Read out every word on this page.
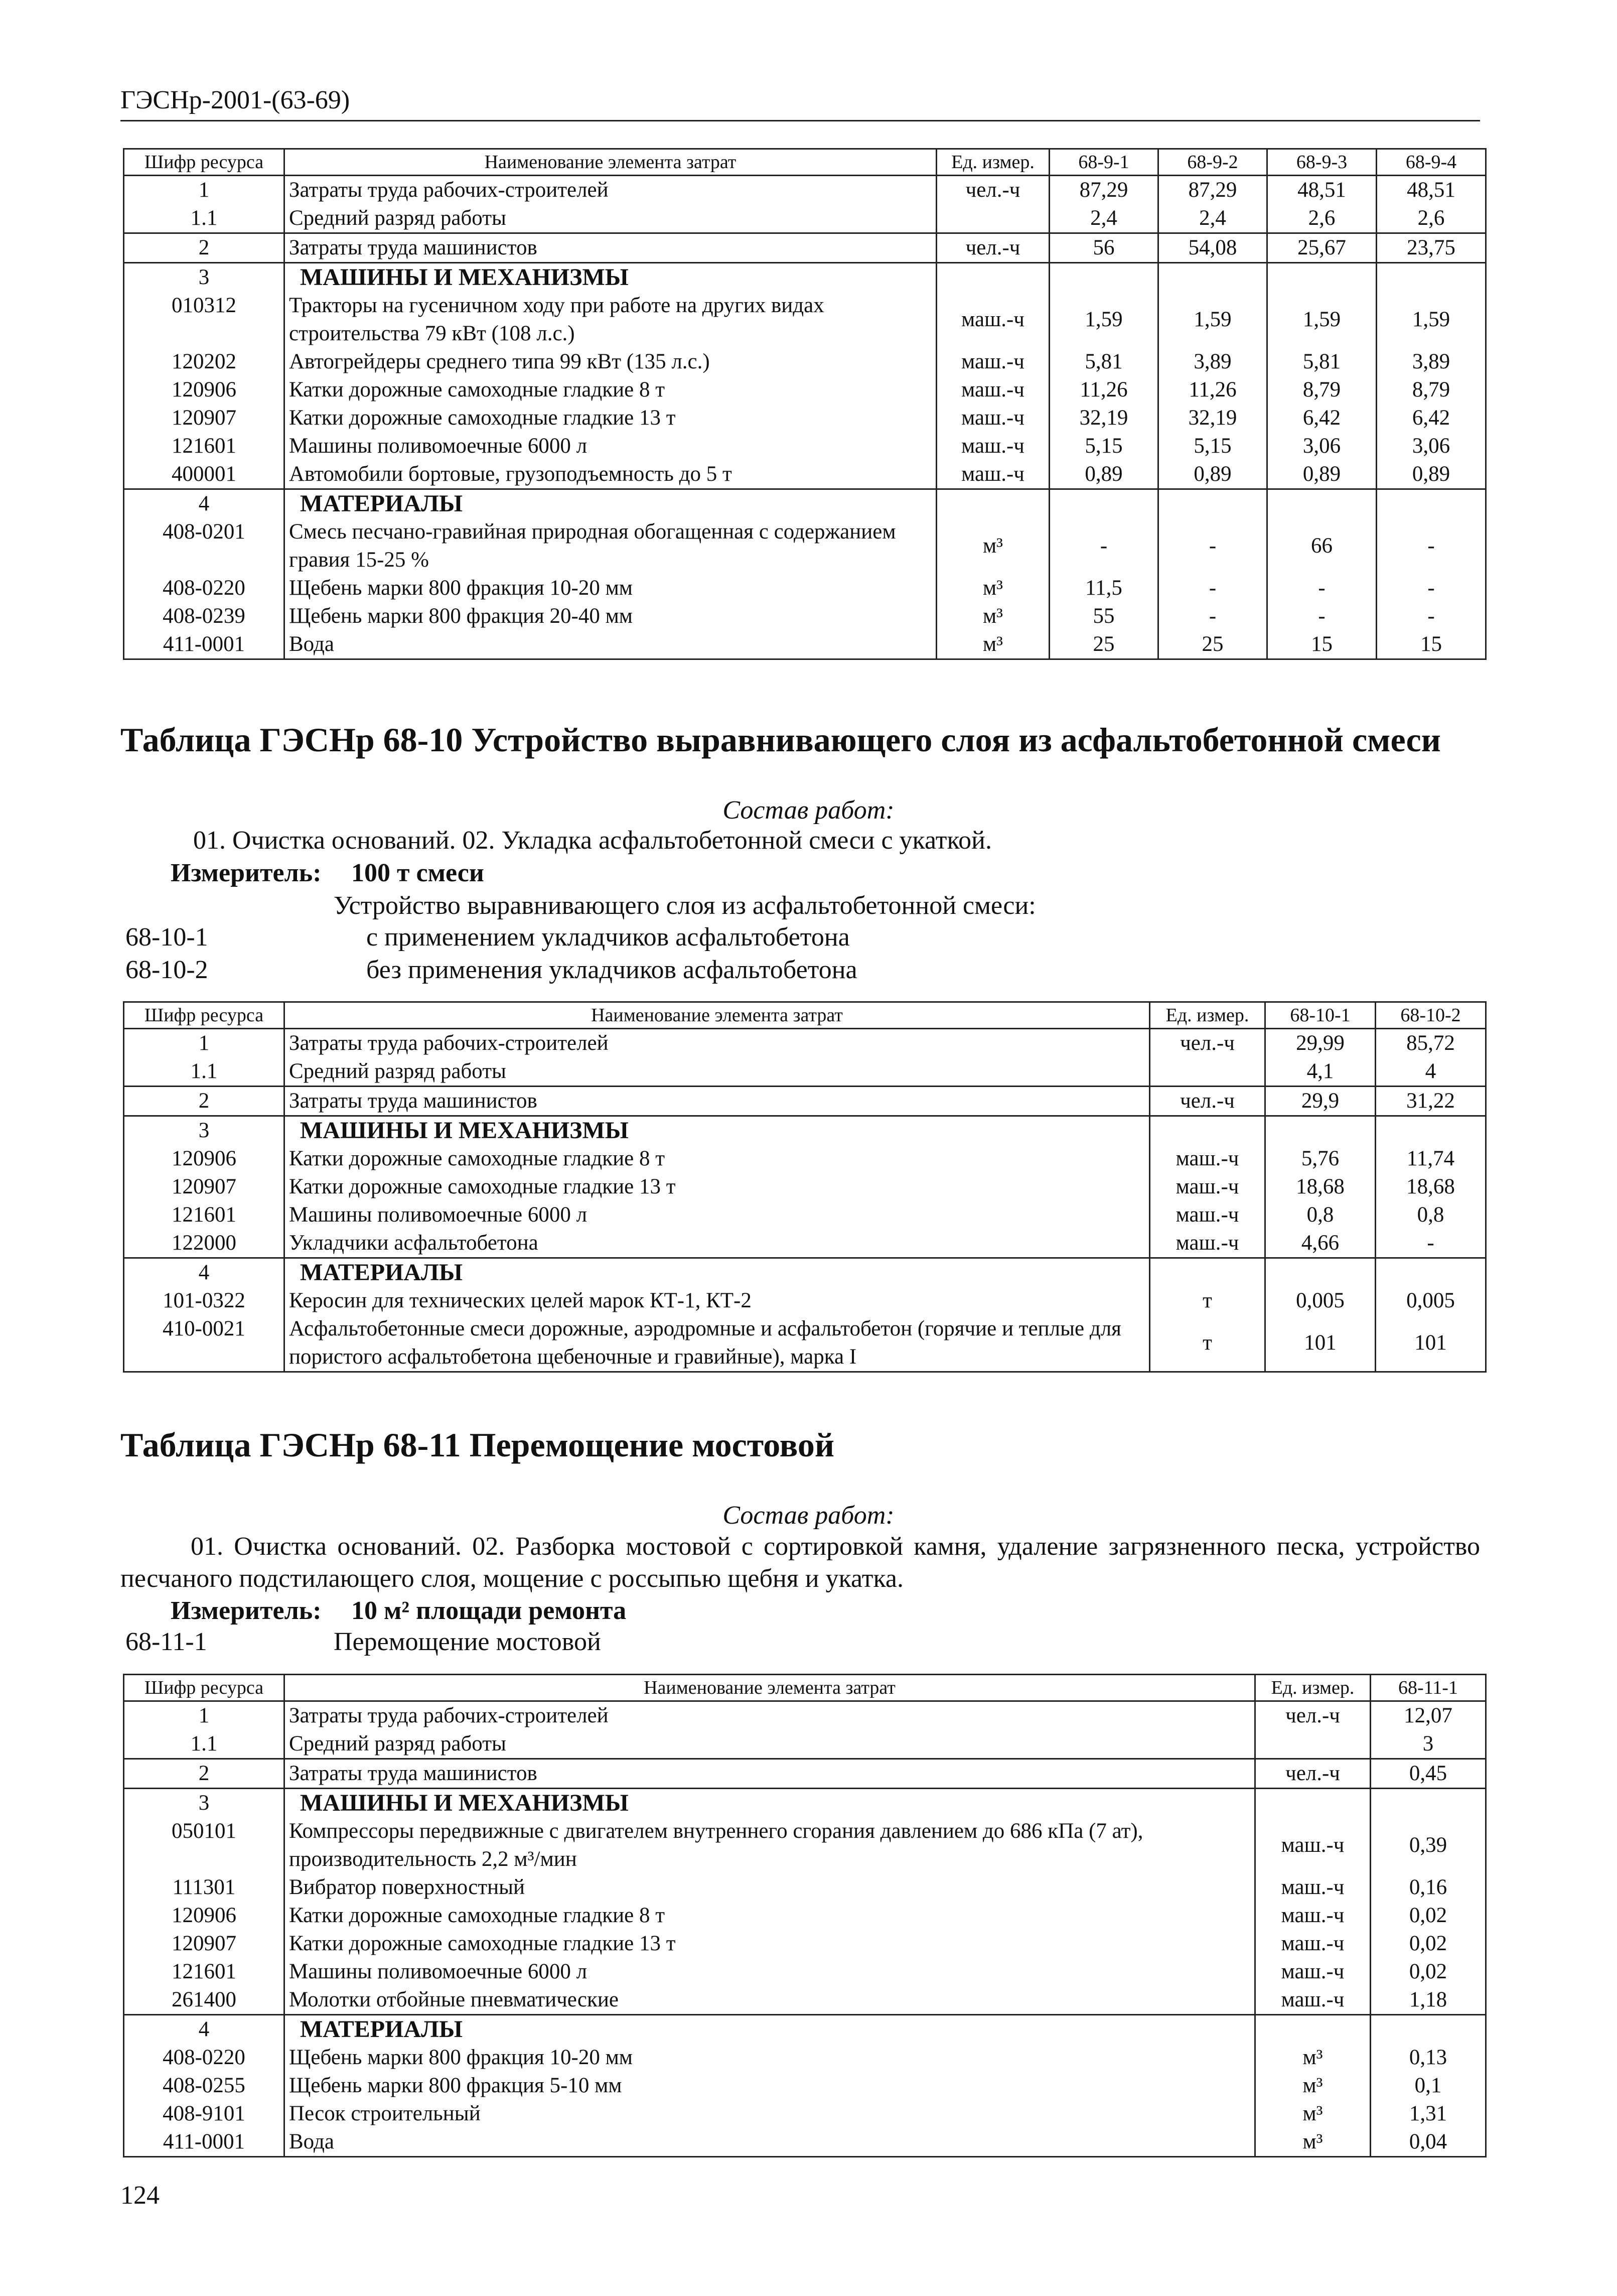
ГЭСНр-2001-(63-69)
Шифр ресурса	Наименование элемента затрат	Ед. измер.	68-9-1	68-9-2	68-9-3	68-9-4
1	Затраты труда рабочих-строителей	чел.-ч	87,29	87,29	48,51	48,51
1.1	Средний разряд работы		2,4	2,4	2,6	2,6
2	Затраты труда машинистов	чел.-ч	56	54,08	25,67	23,75
3	МАШИНЫ И МЕХАНИЗМЫ					
010312	Тракторы на гусеничном ходу при работе на других видах строительства 79 кВт (108 л.с.)	маш.-ч	1,59	1,59	1,59	1,59
120202	Автогрейдеры среднего типа 99 кВт (135 л.с.)	маш.-ч	5,81	3,89	5,81	3,89
120906	Катки дорожные самоходные гладкие 8 т	маш.-ч	11,26	11,26	8,79	8,79
120907	Катки дорожные самоходные гладкие 13 т	маш.-ч	32,19	32,19	6,42	6,42
121601	Машины поливомоечные 6000 л	маш.-ч	5,15	5,15	3,06	3,06
400001	Автомобили бортовые, грузоподъемность до 5 т	маш.-ч	0,89	0,89	0,89	0,89
4	МАТЕРИАЛЫ					
408-0201	Смесь песчано-гравийная природная обогащенная с содержанием гравия 15-25 %	м³	-	-	66	-
408-0220	Щебень марки 800 фракция 10-20 мм	м³	11,5	-	-	-
408-0239	Щебень марки 800 фракция 20-40 мм	м³	55	-	-	-
411-0001	Вода	м³	25	25	15	15
Таблица ГЭСНр 68-10 Устройство выравнивающего слоя из асфальтобетонной смеси
Состав работ:
01. Очистка оснований. 02. Укладка асфальтобетонной смеси с укаткой.
Измеритель: 100 т смеси
Устройство выравнивающего слоя из асфальтобетонной смеси:
68-10-1	с применением укладчиков асфальтобетона
68-10-2	без применения укладчиков асфальтобетона
Шифр ресурса	Наименование элемента затрат	Ед. измер.	68-10-1	68-10-2
1	Затраты труда рабочих-строителей	чел.-ч	29,99	85,72
1.1	Средний разряд работы		4,1	4
2	Затраты труда машинистов	чел.-ч	29,9	31,22
3	МАШИНЫ И МЕХАНИЗМЫ			
120906	Катки дорожные самоходные гладкие 8 т	маш.-ч	5,76	11,74
120907	Катки дорожные самоходные гладкие 13 т	маш.-ч	18,68	18,68
121601	Машины поливомоечные 6000 л	маш.-ч	0,8	0,8
122000	Укладчики асфальтобетона	маш.-ч	4,66	-
4	МАТЕРИАЛЫ			
101-0322	Керосин для технических целей марок КТ-1, КТ-2	т	0,005	0,005
410-0021	Асфальтобетонные смеси дорожные, аэродромные и асфальтобетон (горячие и теплые для пористого асфальтобетона щебеночные и гравийные), марка I	т	101	101
Таблица ГЭСНр 68-11 Перемощение мостовой
Состав работ:
01. Очистка оснований. 02. Разборка мостовой с сортировкой камня, удаление загрязненного песка, устройство песчаного подстилающего слоя, мощение с россыпью щебня и укатка.
Измеритель: 10 м² площади ремонта
68-11-1	Перемощение мостовой
Шифр ресурса	Наименование элемента затрат	Ед. измер.	68-11-1
1	Затраты труда рабочих-строителей	чел.-ч	12,07
1.1	Средний разряд работы		3
2	Затраты труда машинистов	чел.-ч	0,45
3	МАШИНЫ И МЕХАНИЗМЫ		
050101	Компрессоры передвижные с двигателем внутреннего сгорания давлением до 686 кПа (7 ат), производительность 2,2 м³/мин	маш.-ч	0,39
111301	Вибратор поверхностный	маш.-ч	0,16
120906	Катки дорожные самоходные гладкие 8 т	маш.-ч	0,02
120907	Катки дорожные самоходные гладкие 13 т	маш.-ч	0,02
121601	Машины поливомоечные 6000 л	маш.-ч	0,02
261400	Молотки отбойные пневматические	маш.-ч	1,18
4	МАТЕРИАЛЫ		
408-0220	Щебень марки 800 фракция 10-20 мм	м³	0,13
408-0255	Щебень марки 800 фракция 5-10 мм	м³	0,1
408-9101	Песок строительный	м³	1,31
411-0001	Вода	м³	0,04
124
